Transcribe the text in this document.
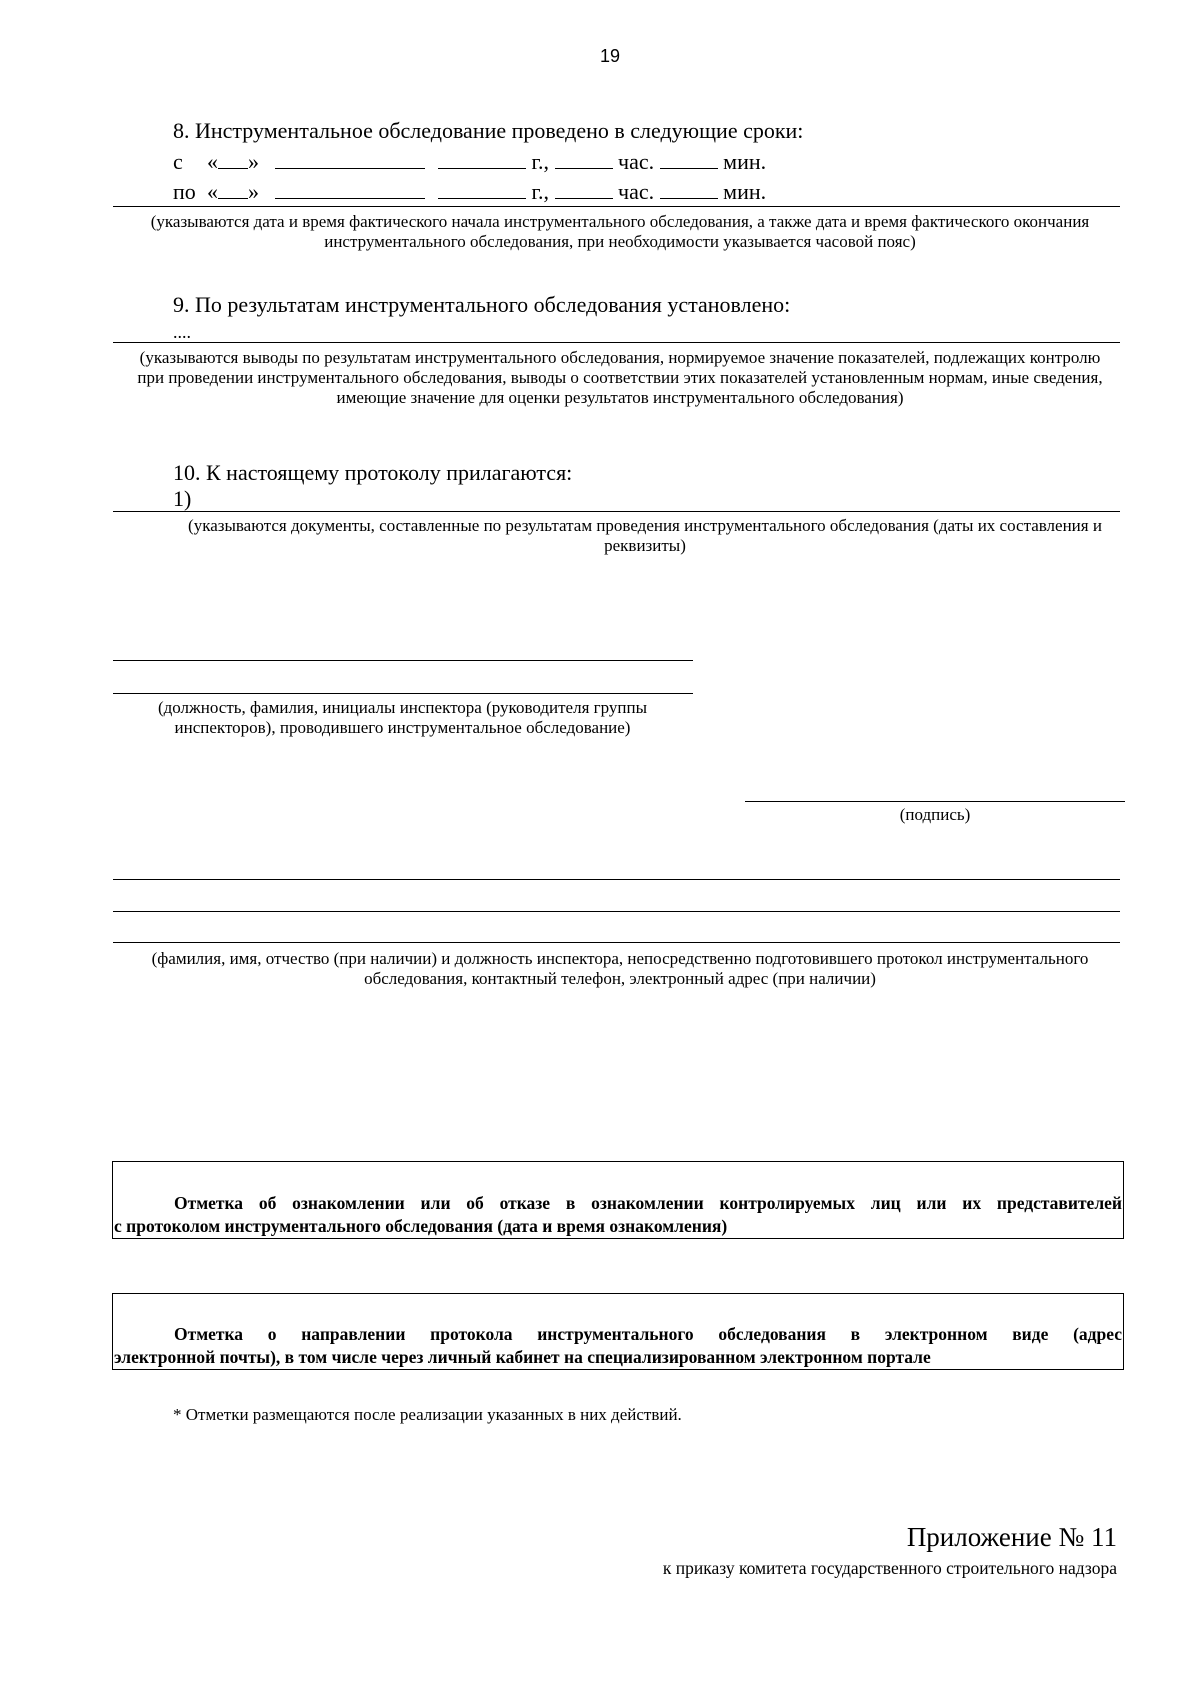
19
8. Инструментальное обследование проведено в следующие сроки:
с « »	г.,	час.	мин.
по « »	г.,	час.	мин.
(указываются дата и время фактического начала инструментального обследования, а также дата и время фактического окончания инструментального обследования, при необходимости указывается часовой пояс)
9. По результатам инструментального обследования установлено:
....
(указываются выводы по результатам инструментального обследования, нормируемое значение показателей, подлежащих контролю при проведении инструментального обследования, выводы о соответствии этих показателей установленным нормам, иные сведения, имеющие значение для оценки результатов инструментального обследования)
10. К настоящему протоколу прилагаются:
1)
(указываются документы, составленные по результатам проведения инструментального обследования (даты их составления и реквизиты)
(должность, фамилия, инициалы инспектора (руководителя группы инспекторов), проводившего инструментальное обследование)
(подпись)
(фамилия, имя, отчество (при наличии) и должность инспектора, непосредственно подготовившего протокол инструментального обследования, контактный телефон, электронный адрес (при наличии)
Отметка об ознакомлении или об отказе в ознакомлении контролируемых лиц или их представителей
с протоколом инструментального обследования (дата и время ознакомления)
Отметка о направлении протокола инструментального обследования в электронном виде (адрес
электронной почты), в том числе через личный кабинет на специализированном электронном портале
* Отметки размещаются после реализации указанных в них действий.
Приложение № 11
к приказу комитета государственного строительного надзора
